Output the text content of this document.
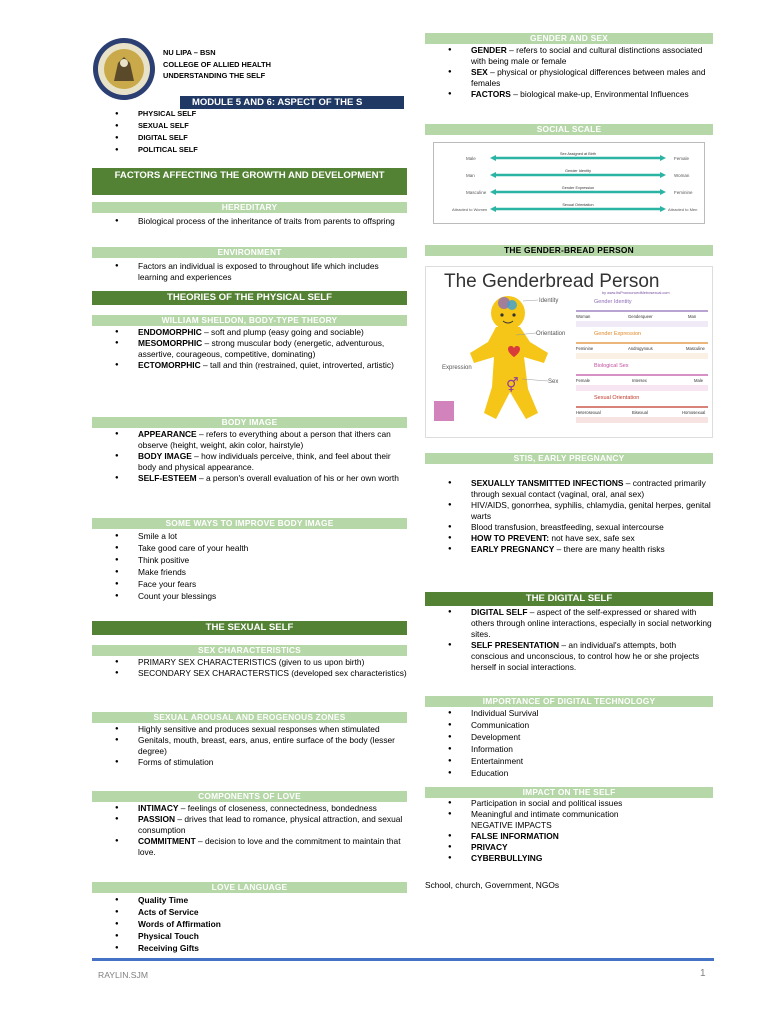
NU LIPA – BSN
COLLEGE OF ALLIED HEALTH
UNDERSTANDING THE SELF
MODULE 5 AND 6: ASPECT OF THE S
● PHYSICAL SELF
● SEXUAL SELF
● DIGITAL SELF
● POLITICAL SELF
FACTORS AFFECTING THE GROWTH AND DEVELOPMENT
HEREDITARY
● Biological process of the inheritance of traits from parents to offspring
ENVIRONMENT
● Factors an individual is exposed to throughout life which includes learning and experiences
THEORIES OF THE PHYSICAL SELF
WILLIAM SHELDON, BODY-TYPE THEORY
● ENDOMORPHIC – soft and plump (easy going and sociable)
● MESOMORPHIC – strong muscular body (energetic, adventurous, assertive, courageous, competitive, dominating)
● ECTOMORPHIC – tall and thin (restrained, quiet, introverted, artistic)
BODY IMAGE
● APPEARANCE – refers to everything about a person that ithers can observe (height, weight, akin color, hairstyle)
● BODY IMAGE – how individuals perceive, think, and feel about their body and physical appearance.
● SELF-ESTEEM – a person's overall evaluation of his or her own worth
SOME WAYS TO IMPROVE BODY IMAGE
● Smile a lot
● Take good care of your health
● Think positive
● Make friends
● Face your fears
● Count your blessings
THE SEXUAL SELF
SEX CHARACTERISTICS
● PRIMARY SEX CHARACTERISTICS (given to us upon birth)
● SECONDARY SEX CHARACTERSTICS (developed sex characteristics)
SEXUAL AROUSAL AND EROGENOUS ZONES
● Highly sensitive and produces sexual responses when stimulated
● Genitals, mouth, breast, ears, anus, entire surface of the body (lesser degree)
● Forms of stimulation
COMPONENTS OF LOVE
● INTIMACY – feelings of closeness, connectedness, bondedness
● PASSION – drives that lead to romance, physical attraction, and sexual consumption
● COMMITMENT – decision to love and the commitment to maintain that love.
LOVE LANGUAGE
● Quality Time
● Acts of Service
● Words of Affirmation
● Physical Touch
● Receiving Gifts
GENDER AND SEX
● GENDER – refers to social and cultural distinctions associated with being male or female
● SEX – physical or physiological differences between males and females
● FACTORS – biological make-up, Environmental Influences
SOCIAL SCALE
Male
Sex Assigned at Birth
Female
Man
Gender Identity
Woman
Masculine
Gender Expression
Feminine
Attracted to Women
Sexual Orientation
Attracted to Men
THE GENDER-BREAD PERSON
The Genderbread Person
by www.ItsPronouncedMetrosexual.com
⚥
Identity
Orientation
Expression
Sex
Gender Identity
Woman	Genderqueer	Man
Gender Expression
Feminine	Androgynous	Masculine
Biological Sex
Female	Intersex	Male
Sexual Orientation
Heterosexual	Bisexual	Homosexual
STIS, EARLY PREGNANCY
● SEXUALLY TANSMITTED INFECTIONS – contracted primarily through sexual contact (vaginal, oral, anal sex)
● HIV/AIDS, gonorrhea, syphilis, chlamydia, genital herpes, genital warts
● Blood transfusion, breastfeeding, sexual intercourse
● HOW TO PREVENT: not have sex, safe sex
● EARLY PREGNANCY – there are many health risks
THE DIGITAL SELF
● DIGITAL SELF – aspect of the self-expressed or shared with others through online interactions, especially in social networking sites.
● SELF PRESENTATION – an individual's attempts, both conscious and unconscious, to control how he or she projects herself in social interactions.
IMPORTANCE OF DIGITAL TECHNOLOGY
● Individual Survival
● Communication
● Development
● Information
● Entertainment
● Education
IMPACT ON THE SELF
● Participation in social and political issues
● Meaningful and intimate communication
NEGATIVE IMPACTS
● FALSE INFORMATION
● PRIVACY
● CYBERBULLYING
School, church, Government, NGOs
RAYLIN.SJM	1
